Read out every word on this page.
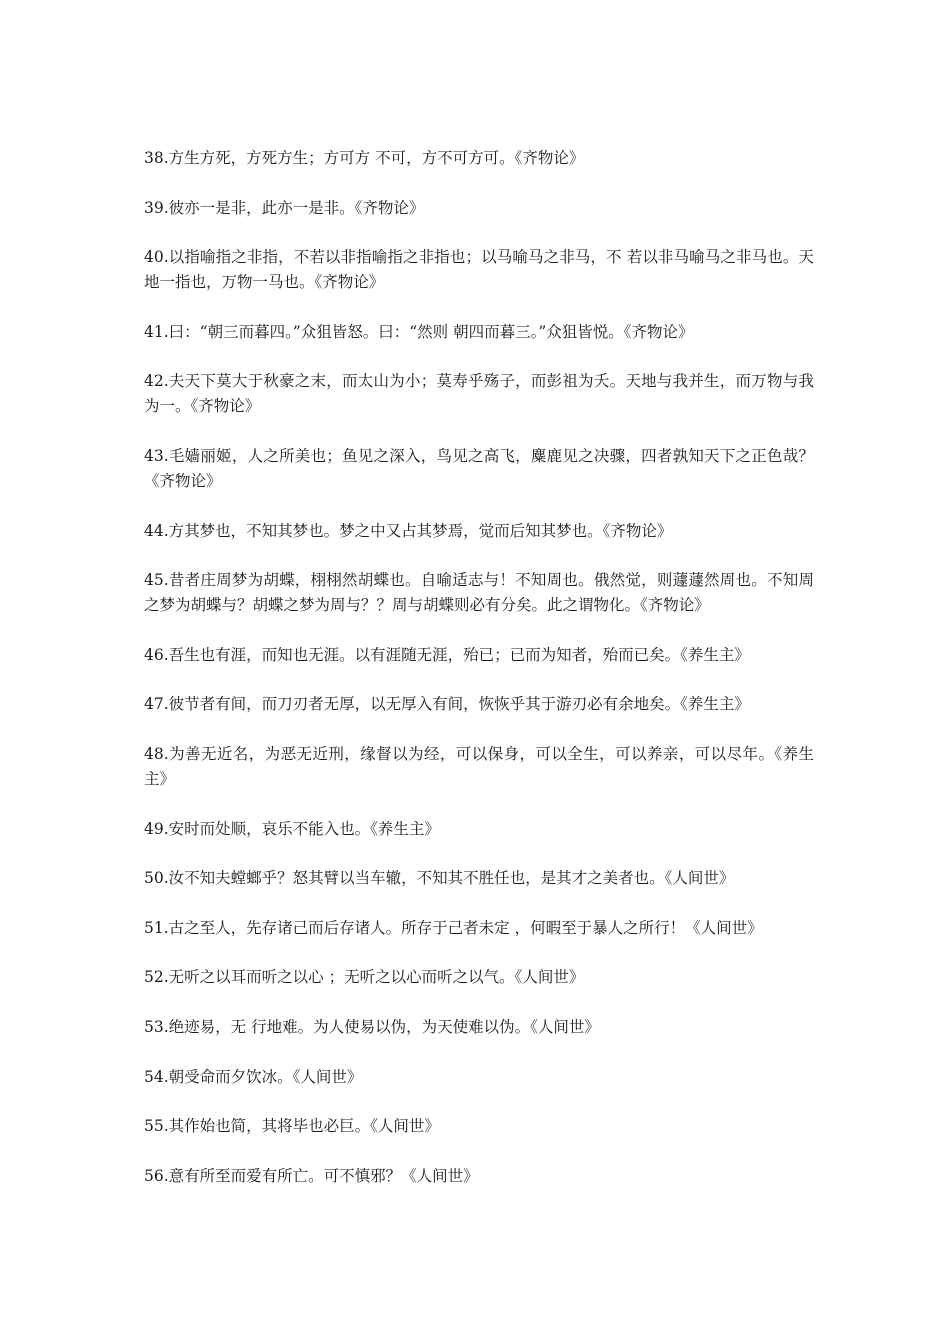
38.方生方死，方死方生；方可方 不可，方不可方可。《齐物论》

39.彼亦一是非，此亦一是非。《齐物论》

40.以指喻指之非指，不若以非指喻指之非指也；以马喻马之非马，不 若以非马喻马之非马也。天地一指也，万物一马也。《齐物论》

41.曰：“朝三而暮四。”众狙皆怒。曰：“然则 朝四而暮三。”众狙皆悦。《齐物论》

42.夫天下莫大于秋豪之末，而太山为小；莫寿乎殇子，而彭祖为夭。天地与我并生，而万物与我为一。《齐物论》

43.毛嫱丽姬，人之所美也；鱼见之深入，鸟见之高飞，麋鹿见之决骤，四者孰知天下之正色哉？《齐物论》

44.方其梦也，不知其梦也。梦之中又占其梦焉，觉而后知其梦也。《齐物论》

45.昔者庄周梦为胡蝶，栩栩然胡蝶也。自喻适志与！不知周也。俄然觉，则蘧蘧然周也。不知周之梦为胡蝶与？胡蝶之梦为周与？？周与胡蝶则必有分矣。此之谓物化。《齐物论》

46.吾生也有涯，而知也无涯。以有涯随无涯，殆已；已而为知者，殆而已矣。《养生主》

47.彼节者有间，而刀刃者无厚，以无厚入有间，恢恢乎其于游刃必有余地矣。《养生主》

48.为善无近名，为恶无近刑，缘督以为经，可以保身，可以全生，可以养亲，可以尽年。《养生主》

49.安时而处顺，哀乐不能入也。《养生主》

50.汝不知夫螳螂乎？怒其臂以当车辙，不知其不胜任也，是其才之美者也。《人间世》

51.古之至人，先存诸己而后存诸人。所存于己者未定 ，何暇至于暴人之所行！《人间世》

52.无听之以耳而听之以心 ；无听之以心而听之以气。《人间世》

53.绝迹易，无 行地难。为人使易以伪，为天使难以伪。《人间世》

54.朝受命而夕饮冰。《人间世》

55.其作始也简，其将毕也必巨。《人间世》

56.意有所至而爱有所亡。可不慎邪？《人间世》
